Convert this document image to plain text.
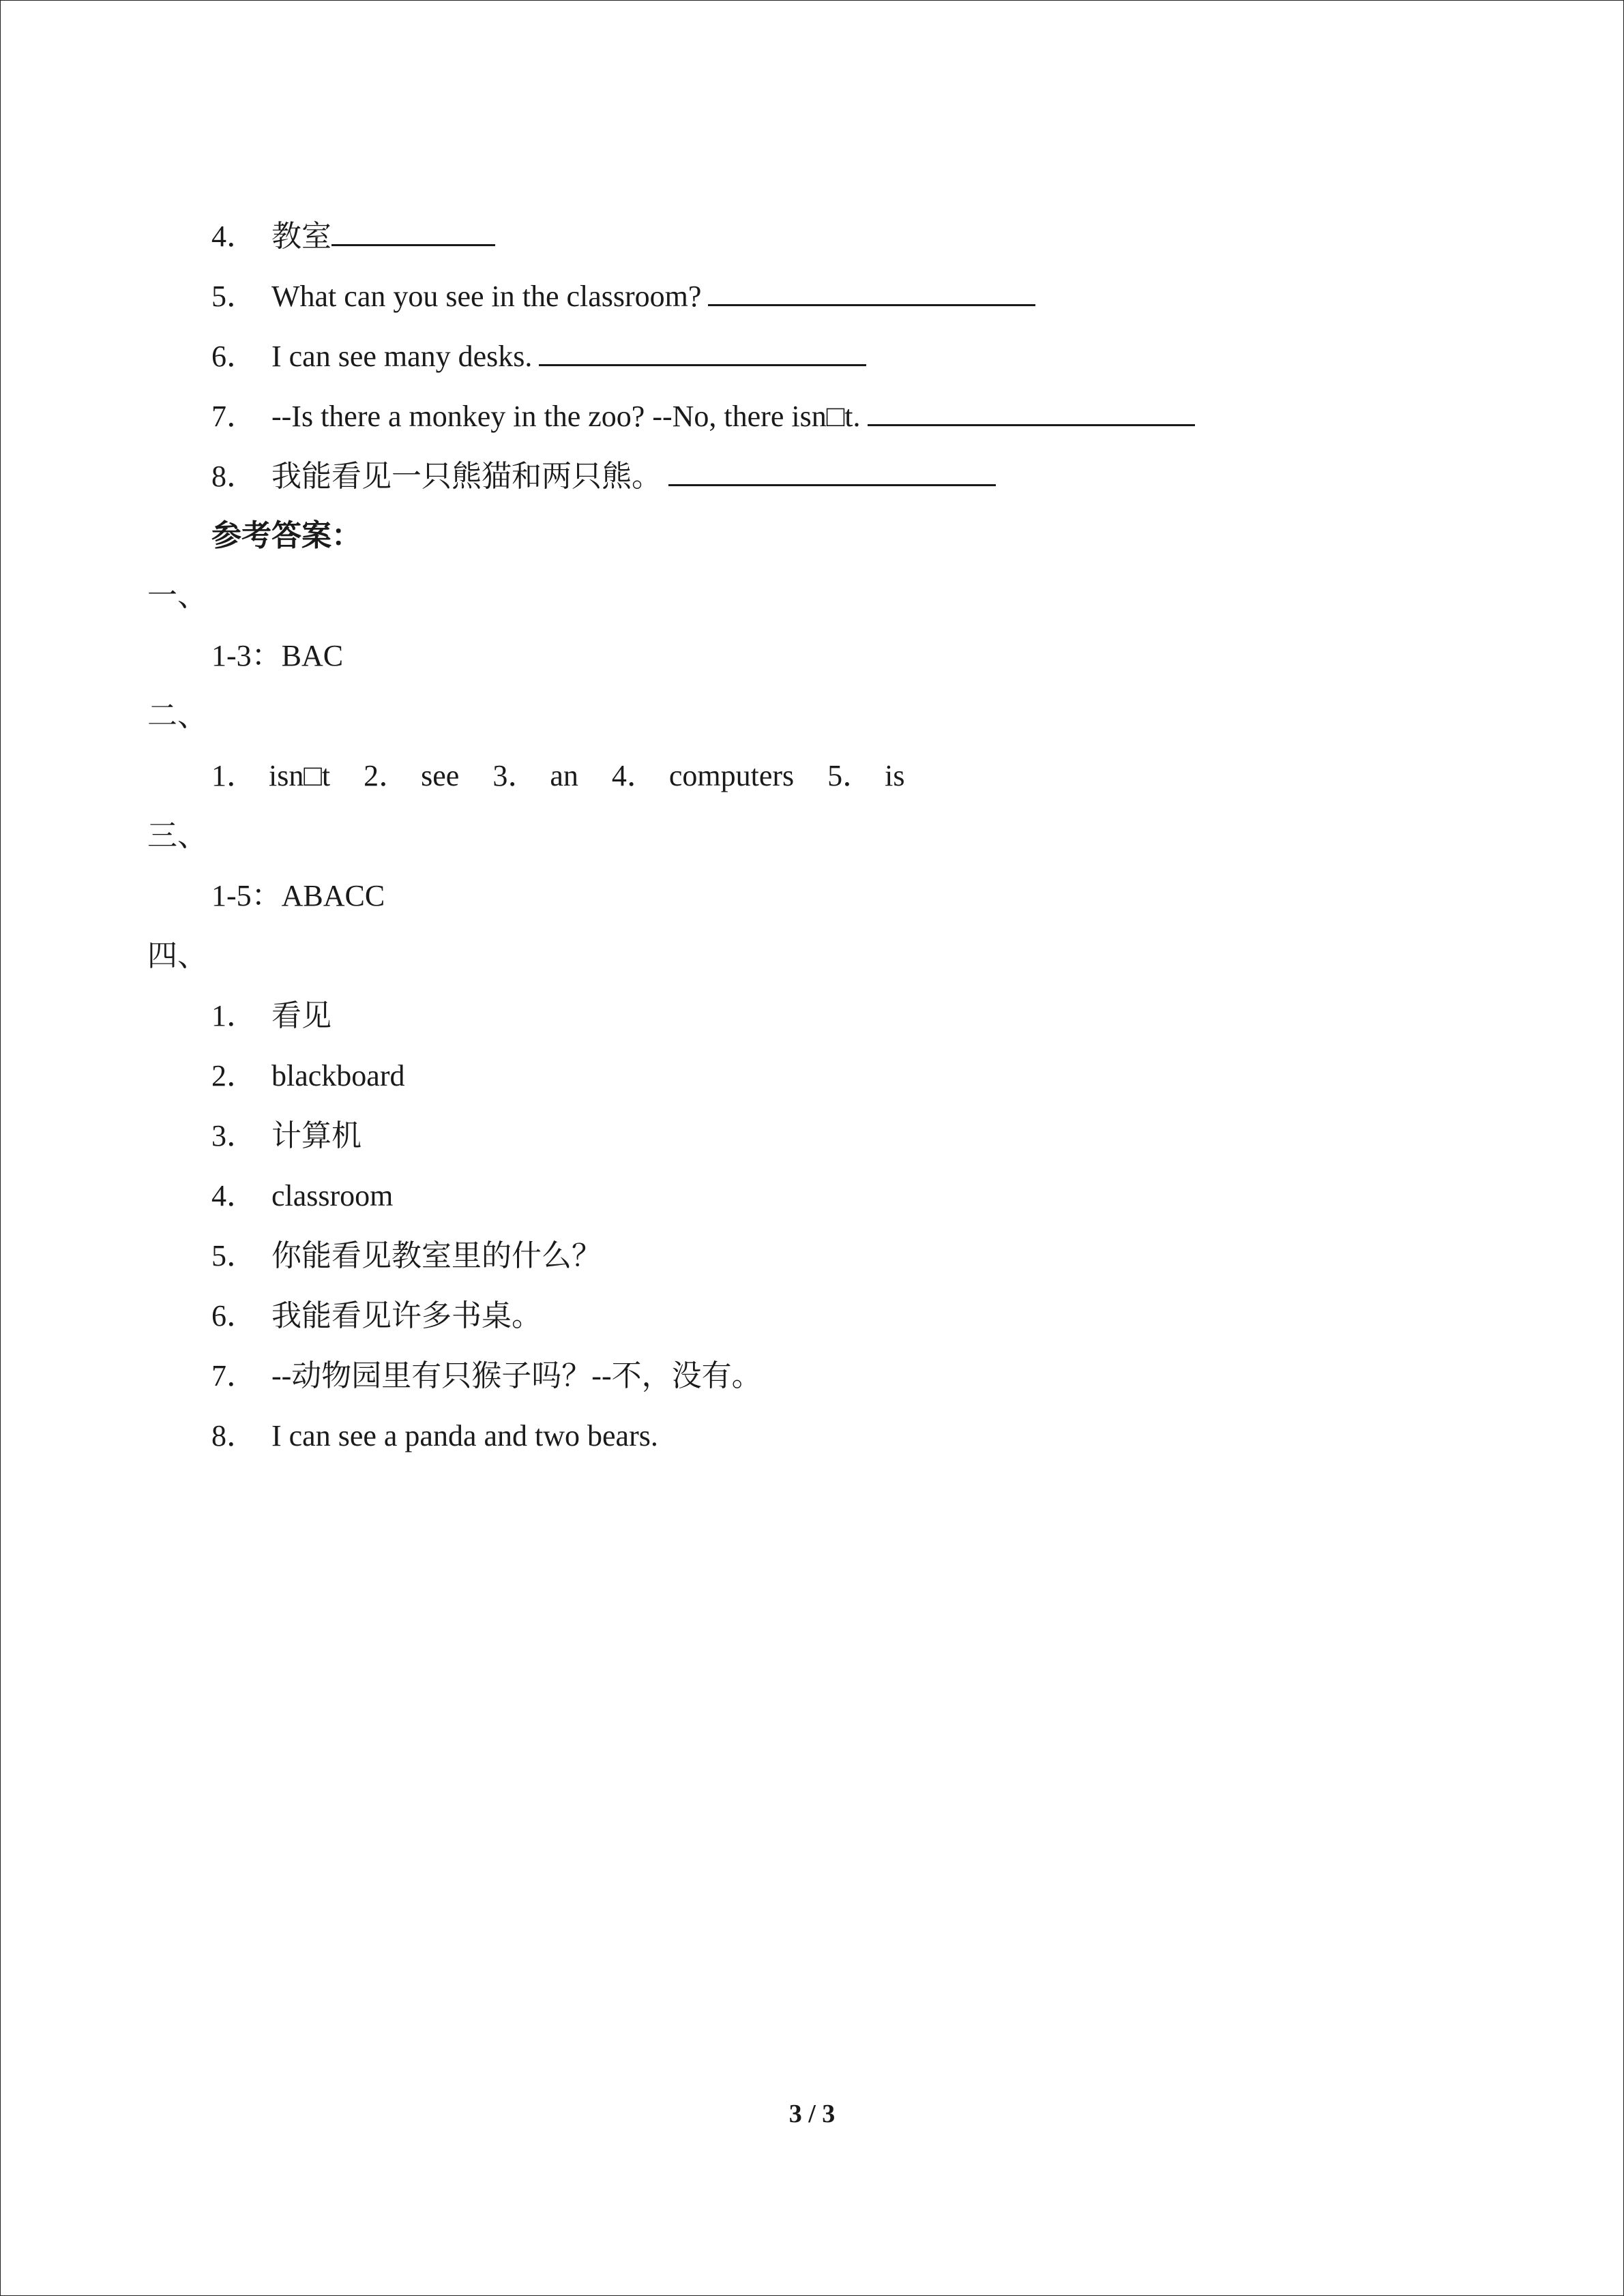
4． 教室
5． What can you see in the classroom?
6． I can see many desks.
7． --Is there a monkey in the zoo? --No, there isn□t.
8． 我能看见一只熊猫和两只熊。
参考答案：
一、
1-3：BAC
二、
1． isn□t 2． see 3． an 4． computers 5． is
三、
1-5：ABACC
四、
1． 看见
2． blackboard
3． 计算机
4． classroom
5． 你能看见教室里的什么？
6． 我能看见许多书桌。
7． --动物园里有只猴子吗？--不，没有。
8． I can see a panda and two bears.
3 / 3
